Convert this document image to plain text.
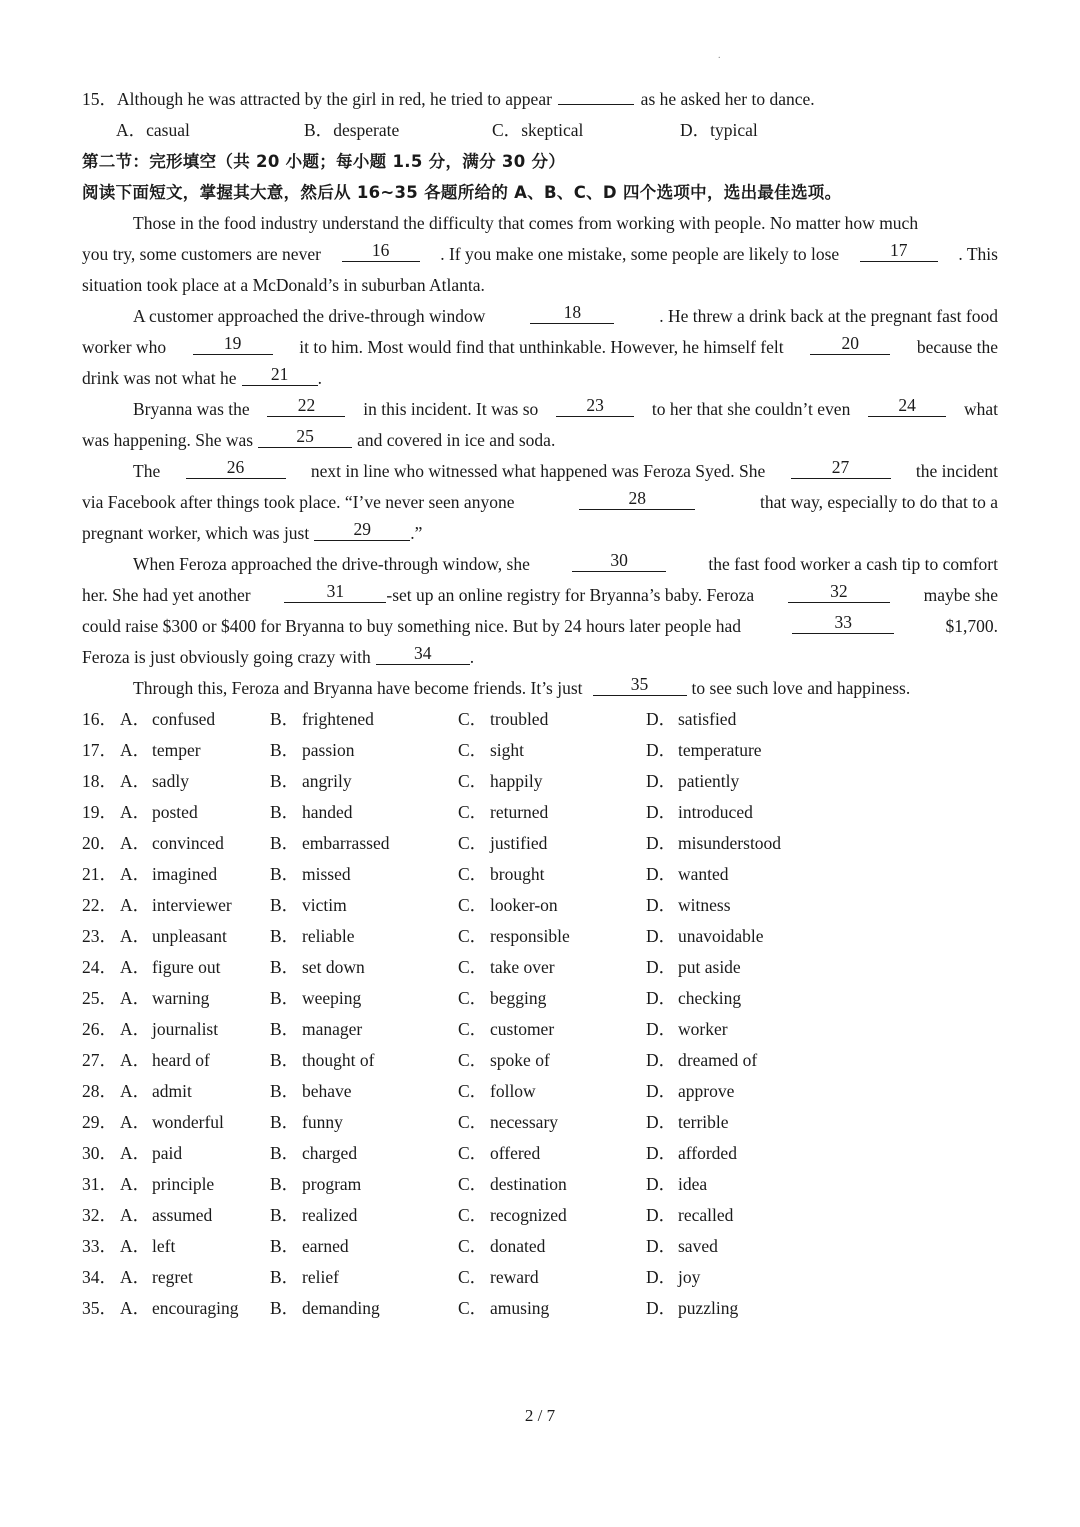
.
15．Although he was attracted by the girl in red, he tried to appear	as he asked her to dance.
A．casual	B．desperate	C．skeptical	D．typical
第二节：完形填空（共 20 小题；每小题 1.5 分，满分 30 分）
阅读下面短文，掌握其大意，然后从 16~35 各题所给的 A、B、C、D 四个选项中，选出最佳选项。
Those in the food industry understand the difficulty that comes from working with people. No matter how much
you try, some customers are never	16	. If you make one mistake, some people are likely to lose	17	. This
situation took place at a McDonald’s in suburban Atlanta.
A customer approached the drive-through window	18	. He threw a drink back at the pregnant fast food
worker who	19	it to him. Most would find that unthinkable. However, he himself felt	20	because the
drink was not what he	21	.
Bryanna was the	22	in this incident. It was so	23	to her that she couldn’t even	24	what
was happening. She was	25	and covered in ice and soda.
The	26	next in line who witnessed what happened was Feroza Syed. She	27	the incident
via Facebook after things took place. “I’ve never seen anyone	28	that way, especially to do that to a
pregnant worker, which was just	29	.”
When Feroza approached the drive-through window, she	30	the fast food worker a cash tip to comfort
her. She had yet another	31	-set up an online registry for Bryanna’s baby. Feroza	32	maybe she
could raise $300 or $400 for Bryanna to buy something nice. But by 24 hours later people had	33	$1,700.
Feroza is just obviously going crazy with	34	.
Through this, Feroza and Bryanna have become friends. It’s just	35	to see such love and happiness.
16． A． confused	B． frightened	C． troubled	D． satisfied
17． A． temper	B． passion	C． sight	D． temperature
18． A． sadly	B． angrily	C． happily	D． patiently
19． A． posted	B． handed	C． returned	D． introduced
20． A． convinced	B． embarrassed	C． justified	D． misunderstood
21． A． imagined	B． missed	C． brought	D． wanted
22． A． interviewer B． victim	C． looker-on	D． witness
23． A． unpleasant B． reliable	C． responsible	D． unavoidable
24． A． figure out	B． set down	C． take over	D． put aside
25． A． warning	B． weeping	C． begging	D． checking
26． A． journalist	B． manager	C． customer	D． worker
27． A． heard of	B． thought of	C． spoke of	D． dreamed of
28． A． admit	B． behave	C． follow	D． approve
29． A． wonderful	B． funny	C． necessary	D． terrible
30． A． paid	B． charged	C． offered	D． afforded
31． A． principle	B． program	C． destination	D． idea
32． A． assumed	B． realized	C． recognized	D． recalled
33． A． left	B． earned	C． donated	D． saved
34． A． regret	B． relief	C． reward	D． joy
35． A． encouraging B． demanding	C． amusing	D． puzzling
2 / 7
